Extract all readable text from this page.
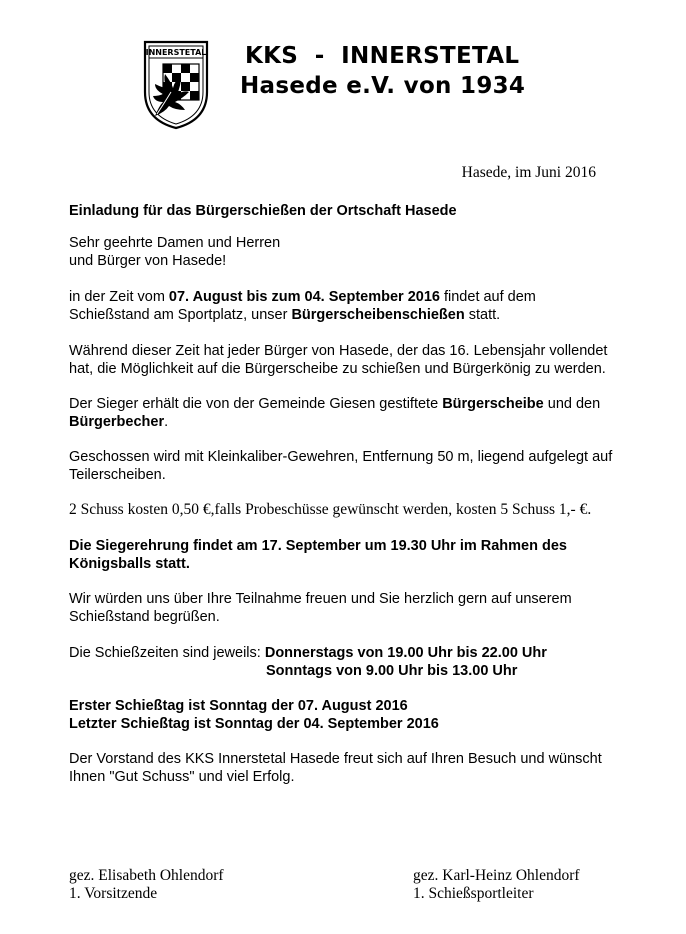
INNERSTETAL KKS  -  INNERSTETAL
Hasede e.V. von 1934
Hasede, im Juni 2016
Einladung für das Bürgerschießen der Ortschaft Hasede
Sehr geehrte Damen und Herren
und Bürger von Hasede!
in der Zeit vom 07. August bis zum 04. September 2016 findet auf dem
Schießstand am Sportplatz, unser Bürgerscheibenschießen statt.
Während dieser Zeit hat jeder Bürger von Hasede, der das 16. Lebensjahr vollendet
hat, die Möglichkeit auf die Bürgerscheibe zu schießen und Bürgerkönig zu werden.
Der Sieger erhält die von der Gemeinde Giesen gestiftete Bürgerscheibe und den
Bürgerbecher.
Geschossen wird mit Kleinkaliber-Gewehren, Entfernung 50 m, liegend aufgelegt auf
Teilerscheiben.
2 Schuss kosten 0,50 €,falls Probeschüsse gewünscht werden, kosten 5 Schuss 1,- €.
Die Siegerehrung findet am 17. September um 19.30 Uhr im Rahmen des
Königsballs statt.
Wir würden uns über Ihre Teilnahme freuen und Sie herzlich gern auf unserem
Schießstand begrüßen.
Die Schießzeiten sind jeweils: Donnerstags von 19.00 Uhr bis 22.00 Uhr
Sonntags von 9.00 Uhr bis 13.00 Uhr
Erster Schießtag ist Sonntag der 07. August 2016
Letzter Schießtag ist Sonntag der 04. September 2016
Der Vorstand des KKS Innerstetal Hasede freut sich auf Ihren Besuch und wünscht
Ihnen "Gut Schuss" und viel Erfolg.
gez. Elisabeth Ohlendorf
1. Vorsitzende
gez. Karl-Heinz Ohlendorf
1. Schießsportleiter
